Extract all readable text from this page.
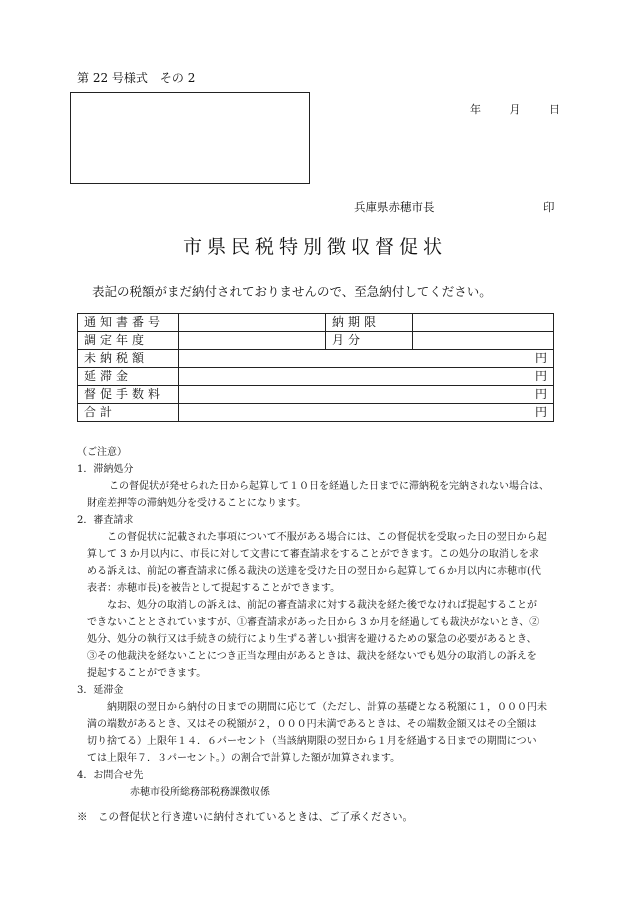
第 22 号様式　その 2
年	月	日
兵庫県赤穂市長	印
市県民税特別徴収督促状
表記の税額がまだ納付されておりませんので、至急納付してください。
通知書番号		納期限	
調定年度		月分	
未納税額	円		
延滞金	円		
督促手数料	円		
合計	円		

（ご注意）

1．滞納処分

この督促状が発せられた日から起算して１０日を経過した日までに滞納税を完納されない場合は、

財産差押等の滞納処分を受けることになります。

2．審査請求

この督促状に記載された事項について不服がある場合には、この督促状を受取った日の翌日から起

算して 3 か月以内に、市長に対して文書にて審査請求をすることができます。この処分の取消しを求

める訴えは、前記の審査請求に係る裁決の送達を受けた日の翌日から起算して６か月以内に赤穂市(代

表者：赤穂市長)を被告として提起することができます。

なお、処分の取消しの訴えは、前記の審査請求に対する裁決を経た後でなければ提起することが

できないこととされていますが、①審査請求があった日から 3 か月を経過しても裁決がないとき、②

処分、処分の執行又は手続きの続行により生ずる著しい損害を避けるための緊急の必要があるとき、

③その他裁決を経ないことにつき正当な理由があるときは、裁決を経ないでも処分の取消しの訴えを

提起することができます。

3．延滞金

納期限の翌日から納付の日までの期間に応じて（ただし、計算の基礎となる税額に１，０００円未

満の端数があるとき、又はその税額が２，０００円未満であるときは、その端数金額又はその全額は

切り捨てる）上限年１４．６パーセント（当該納期限の翌日から１月を経過する日までの期間につい

ては上限年７．３パーセント。）の割合で計算した額が加算されます。

4．お問合せ先

赤穂市役所総務部税務課徴収係

※　この督促状と行き違いに納付されているときは、ご了承ください。
